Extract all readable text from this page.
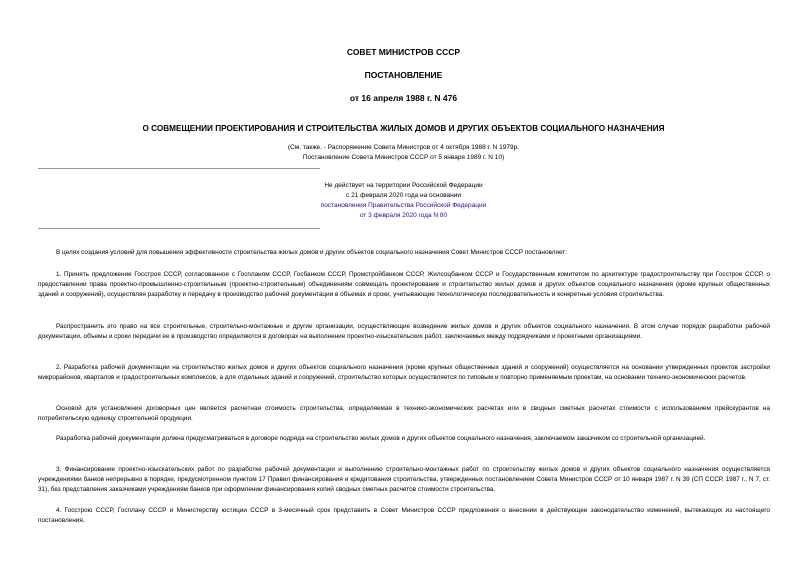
СОВЕТ МИНИСТРОВ СССР
ПОСТАНОВЛЕНИЕ
от 16 апреля 1988 г. N 476
О СОВМЕЩЕНИИ ПРОЕКТИРОВАНИЯ И СТРОИТЕЛЬСТВА ЖИЛЫХ ДОМОВ И ДРУГИХ ОБЪЕКТОВ СОЦИАЛЬНОГО НАЗНАЧЕНИЯ
(См. также. - Распоряжение Совета Министров от 4 октября 1988 г. N 1979р.
Постановление Совета Министров СССР от 5 января 1989 г. N 10)
Не действует на территории Российской Федерации
с 21 февраля 2020 года на основании
постановления Правительства Российской Федерации
от 3 февраля 2020 года N 80
В целях создания условий для повышения эффективности строительства жилых домов и других объектов социального назначения Совет Министров СССР постановляет:
1. Принять предложение Госстроя СССР, согласованное с Госпланом СССР, Госбанком СССР, Промстройбанком СССР, Жилсоцбанком СССР и Государственным комитетом по архитектуре градостроительству при Госстрое СССР, о предоставлении права проектно-промышленно-строительным (проектно-строительным) объединениям совмещать проектирование и строительство жилых домов и других объектов социального назначения (кроме крупных общественных зданий и сооружений), осуществляя разработку и передачу в производство рабочей документации в объемах и сроки, учитывающие технологическую последовательность и конкретные условия строительства.
Распространить это право на все строительные, строительно-монтажные и другие организации, осуществляющие возведение жилых домов и других объектов социального назначения. В этом случае порядок разработки рабочей документации, объемы и сроки передачи ее в производство определяются в договорах на выполнение проектно-изыскательских работ, заключаемых между подрядчиками и проектными организациями.
2. Разработка рабочей документации на строительство жилых домов и других объектов социального назначения (кроме крупных общественных зданий и сооружений) осуществляется на основании утвержденных проектов застройки микрорайонов, кварталов и градостроительных комплексов, а для отдельных зданий и сооружений, строительство которых осуществляется по типовым и повторно применяемым проектам, на основании технико-экономических расчетов.
Основой для установления договорных цен является расчетная стоимость строительства, определяемая в технико-экономических расчетах или в сводных сметных расчетах стоимости с использованием прейскурантов на потребительскую единицу строительной продукции.
Разработка рабочей документации должна предусматриваться в договоре подряда на строительство жилых домов и других объектов социального назначения, заключаемом заказчиком со строительной организацией.
3. Финансирование проектно-изыскательских работ по разработке рабочей документации и выполнению строительно-монтажных работ по строительству жилых домов и других объектов социального назначения осуществляется учреждениями банков непрерывно в порядке, предусмотренном пунктом 17 Правил финансирования и кредитования строительства, утвержденных постановлением Совета Министров СССР от 10 января 1987 г. N 39 (СП СССР, 1987 г., N 7, ст. 31), без представления заказчиками учреждениям банков при оформлении финансирования копий сводных сметных расчетов стоимости строительства.
4. Госстрою СССР, Госплану СССР и Министерству юстиции СССР в 3-месячный срок представить в Совет Министров СССР предложения о внесении в действующее законодательство изменений, вытекающих из настоящего постановления.
